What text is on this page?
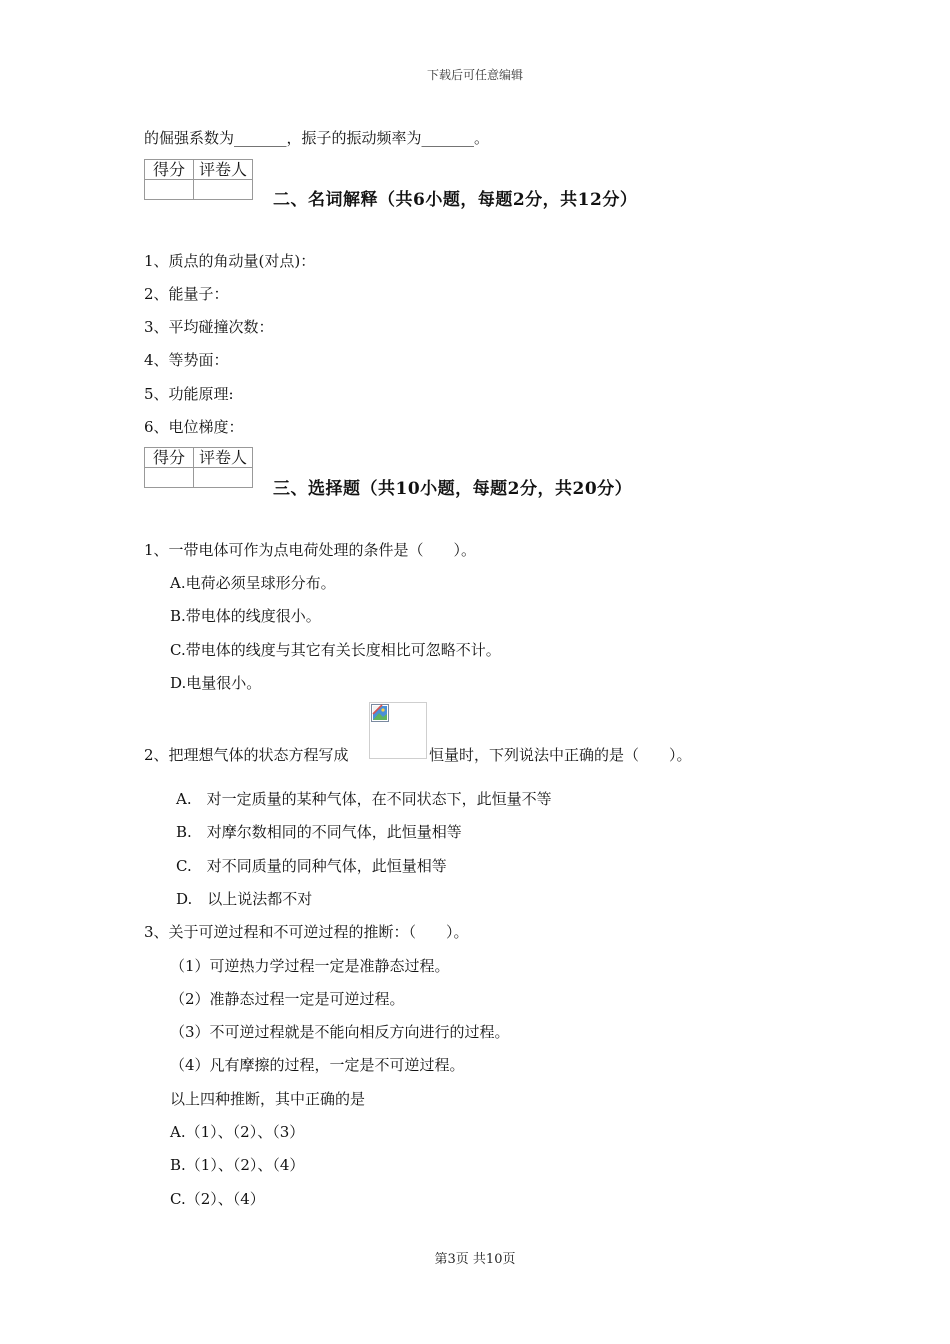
下载后可任意编辑
的倔强系数为_______，振子的振动频率为_______。
得分	评卷人

二、名词解释（共6小题，每题2分，共12分）
1、质点的角动量(对点)：
2、能量子：
3、平均碰撞次数：
4、等势面：
5、功能原理:
6、电位梯度：
得分	评卷人

三、选择题（共10小题，每题2分，共20分）
1、一带电体可作为点电荷处理的条件是（　　）。
A.电荷必须呈球形分布。
B.带电体的线度很小。
C.带电体的线度与其它有关长度相比可忽略不计。
D.电量很小。
2、把理想气体的状态方程写成	恒量时，下列说法中正确的是（　　）。
A.　对一定质量的某种气体，在不同状态下，此恒量不等
B.　对摩尔数相同的不同气体，此恒量相等
C.　对不同质量的同种气体，此恒量相等
D.　以上说法都不对
3、关于可逆过程和不可逆过程的推断：（　　）。
（1）可逆热力学过程一定是准静态过程。
（2）准静态过程一定是可逆过程。
（3）不可逆过程就是不能向相反方向进行的过程。
（4）凡有摩擦的过程，一定是不可逆过程。
以上四种推断，其中正确的是
A.（1）、（2）、（3）
B.（1）、（2）、（4）
C.（2）、（4）
第3页 共10页
